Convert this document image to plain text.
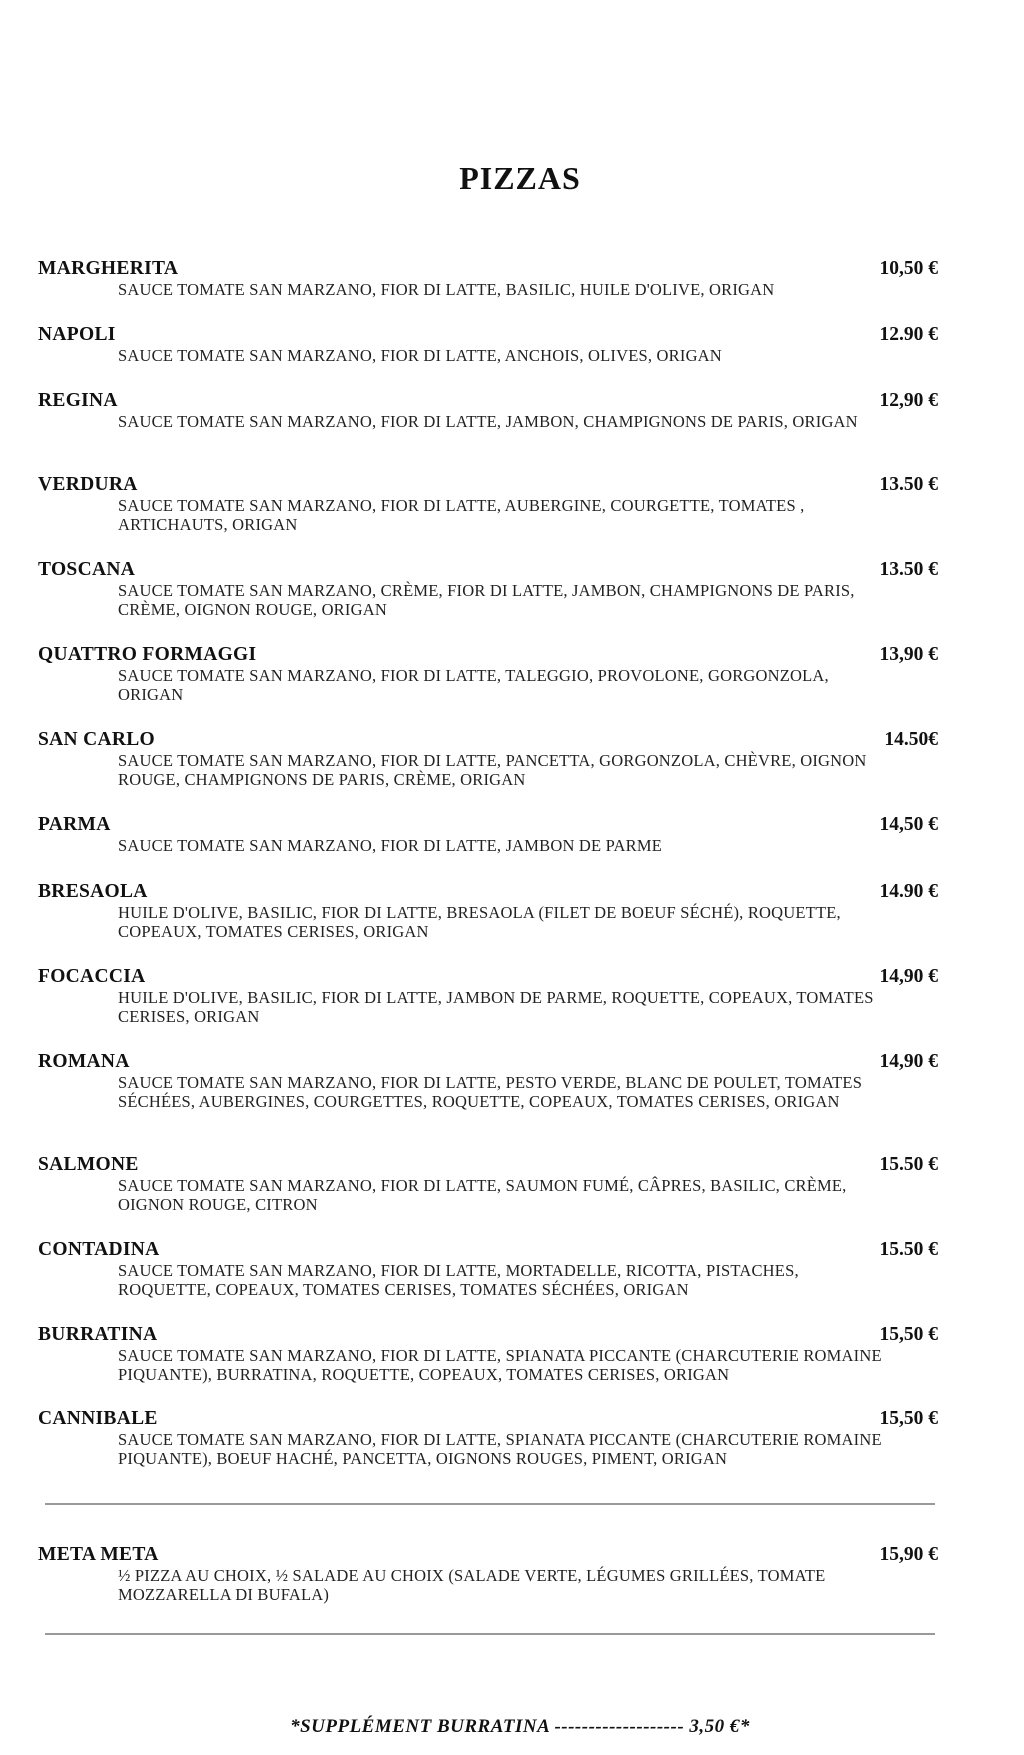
PIZZAS
MARGHERITA	10,50 €
SAUCE TOMATE SAN MARZANO, FIOR DI LATTE, BASILIC, HUILE D'OLIVE, ORIGAN
NAPOLI	12.90 €
SAUCE TOMATE SAN MARZANO, FIOR DI LATTE, ANCHOIS, OLIVES, ORIGAN
REGINA	12,90 €
SAUCE TOMATE SAN MARZANO, FIOR DI LATTE, JAMBON, CHAMPIGNONS DE PARIS, ORIGAN
VERDURA	13.50 €
SAUCE TOMATE SAN MARZANO, FIOR DI LATTE, AUBERGINE, COURGETTE, TOMATES , ARTICHAUTS, ORIGAN
TOSCANA	13.50 €
SAUCE TOMATE SAN MARZANO, CRÈME, FIOR DI LATTE, JAMBON, CHAMPIGNONS DE PARIS, CRÈME, OIGNON ROUGE, ORIGAN
QUATTRO FORMAGGI	13,90 €
SAUCE TOMATE SAN MARZANO, FIOR DI LATTE, TALEGGIO, PROVOLONE, GORGONZOLA, ORIGAN
SAN CARLO	14.50€
SAUCE TOMATE SAN MARZANO, FIOR DI LATTE, PANCETTA, GORGONZOLA, CHÈVRE, OIGNON ROUGE, CHAMPIGNONS DE PARIS, CRÈME, ORIGAN
PARMA	14,50 €
SAUCE TOMATE SAN MARZANO, FIOR DI LATTE, JAMBON DE PARME
BRESAOLA	14.90 €
HUILE D'OLIVE, BASILIC, FIOR DI LATTE, BRESAOLA (FILET DE BOEUF SÉCHÉ), ROQUETTE, COPEAUX, TOMATES CERISES, ORIGAN
FOCACCIA	14,90 €
HUILE D'OLIVE, BASILIC, FIOR DI LATTE, JAMBON DE PARME, ROQUETTE, COPEAUX, TOMATES CERISES, ORIGAN
ROMANA	14,90 €
SAUCE TOMATE SAN MARZANO, FIOR DI LATTE, PESTO VERDE, BLANC DE POULET, TOMATES SÉCHÉES, AUBERGINES, COURGETTES, ROQUETTE, COPEAUX, TOMATES CERISES, ORIGAN
SALMONE	15.50 €
SAUCE TOMATE SAN MARZANO, FIOR DI LATTE, SAUMON FUMÉ, CÂPRES, BASILIC, CRÈME, OIGNON ROUGE, CITRON
CONTADINA	15.50 €
SAUCE TOMATE SAN MARZANO, FIOR DI LATTE, MORTADELLE, RICOTTA, PISTACHES, ROQUETTE, COPEAUX, TOMATES CERISES, TOMATES SÉCHÉES, ORIGAN
BURRATINA	15,50 €
SAUCE TOMATE SAN MARZANO, FIOR DI LATTE, SPIANATA PICCANTE (CHARCUTERIE ROMAINE PIQUANTE), BURRATINA, ROQUETTE, COPEAUX, TOMATES CERISES, ORIGAN
CANNIBALE	15,50 €
SAUCE TOMATE SAN MARZANO, FIOR DI LATTE, SPIANATA PICCANTE (CHARCUTERIE ROMAINE PIQUANTE), BOEUF HACHÉ, PANCETTA, OIGNONS ROUGES, PIMENT, ORIGAN
META META	15,90 €
½ PIZZA AU CHOIX, ½ SALADE AU CHOIX (SALADE VERTE, LÉGUMES GRILLÉES, TOMATE MOZZARELLA DI BUFALA)
*SUPPLÉMENT BURRATINA ------------------- 3,50 €*
